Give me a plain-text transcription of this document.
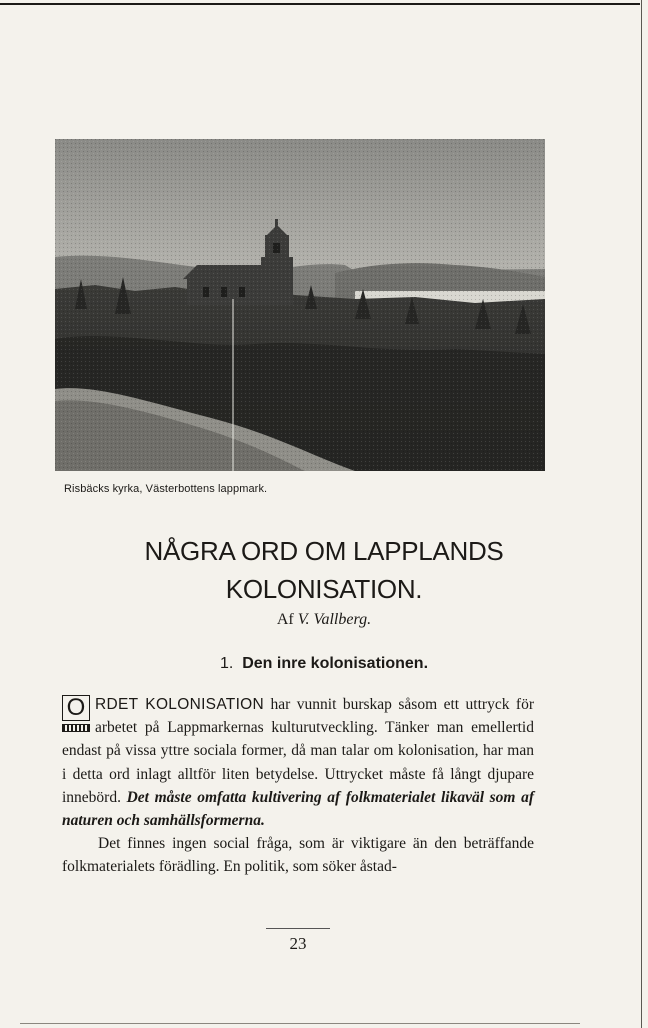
Risbäcks kyrka, Västerbottens lappmark.
NÅGRA ORD OM LAPPLANDS
KOLONISATION.
Af V. Vallberg.
1. Den inre kolonisationen.

O RDET KOLONISATION har vunnit burskap såsom ett uttryck för arbetet på Lappmarkernas kulturutveckling. Tänker man emellertid endast på vissa yttre sociala former, då man talar om kolonisation, har man i detta ord inlagt alltför liten betydelse. Uttrycket måste få långt djupare innebörd. Det måste omfatta kultivering af folkmaterialet likaväl som af naturen och samhällsformerna.

Det finnes ingen social fråga, som är viktigare än den beträffande folkmaterialets förädling. En politik, som söker åstad-

23
